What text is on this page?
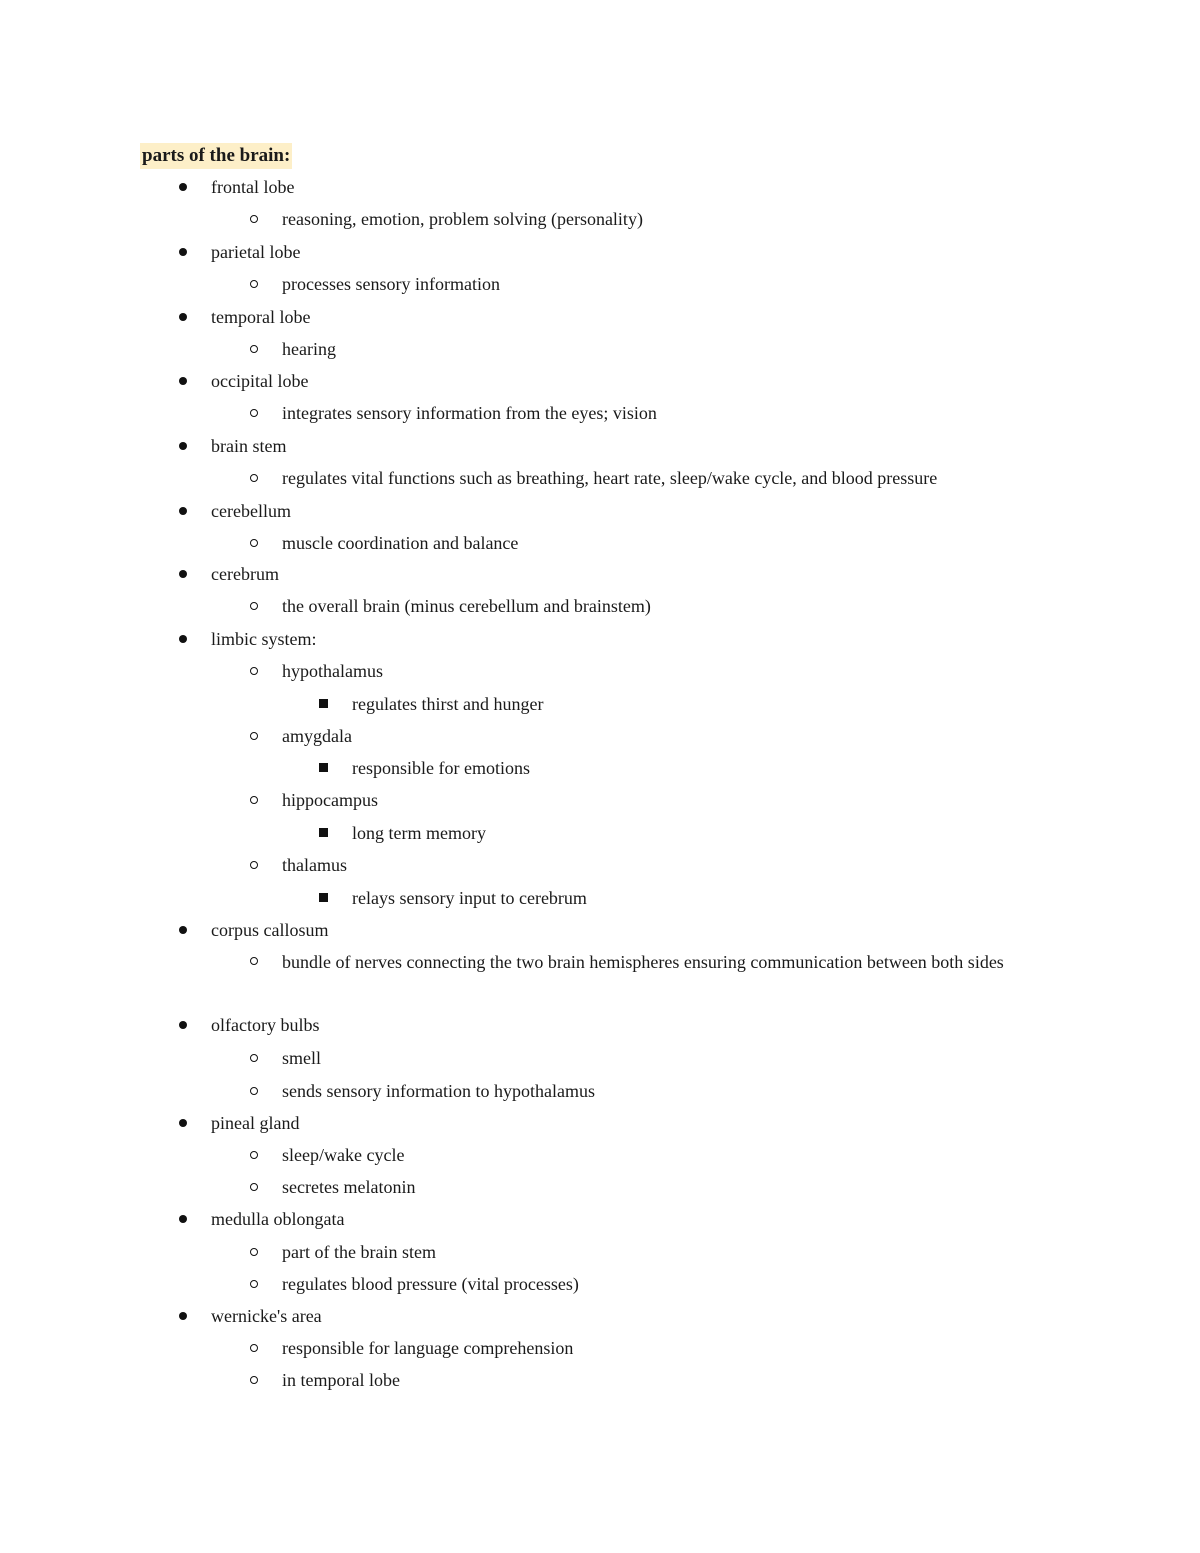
parts of the brain:
frontal lobe
reasoning, emotion, problem solving (personality)
parietal lobe
processes sensory information
temporal lobe
hearing
occipital lobe
integrates sensory information from the eyes; vision
brain stem
regulates vital functions such as breathing, heart rate, sleep/wake cycle, and blood pressure
cerebellum
muscle coordination and balance
cerebrum
the overall brain (minus cerebellum and brainstem)
limbic system:
hypothalamus
regulates thirst and hunger
amygdala
responsible for emotions
hippocampus
long term memory
thalamus
relays sensory input to cerebrum
corpus callosum
bundle of nerves connecting the two brain hemispheres ensuring communication between both sides
olfactory bulbs
smell
sends sensory information to hypothalamus
pineal gland
sleep/wake cycle
secretes melatonin
medulla oblongata
part of the brain stem
regulates blood pressure (vital processes)
wernicke's area
responsible for language comprehension
in temporal lobe
